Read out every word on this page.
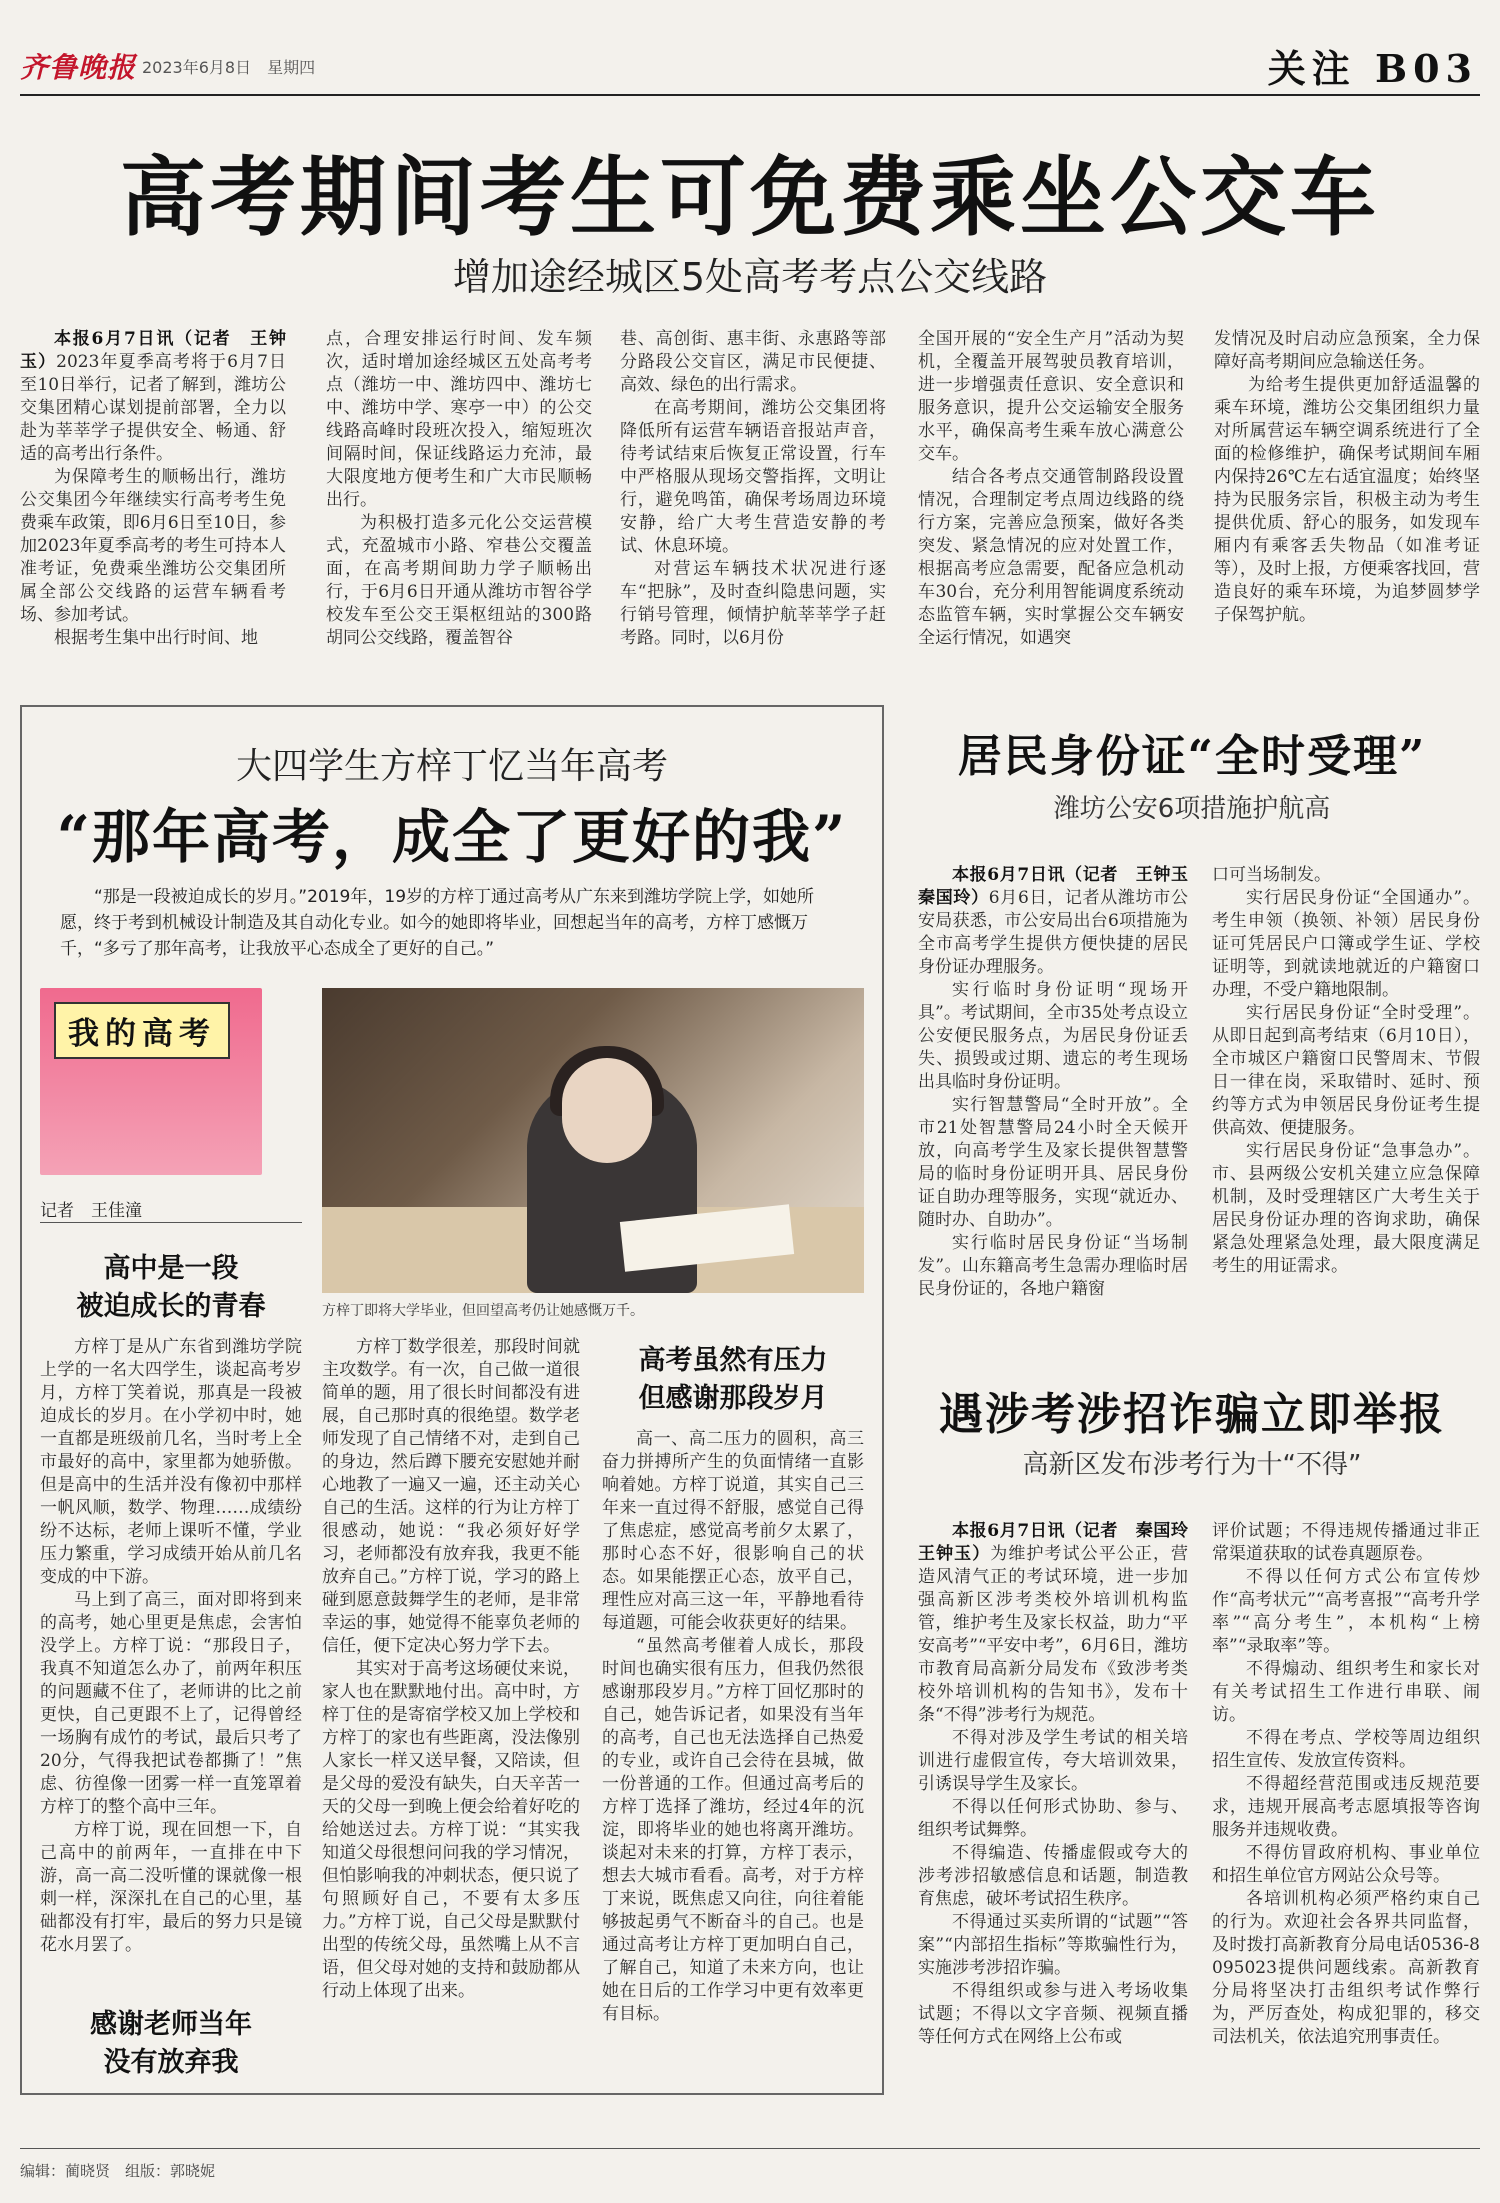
齐鲁晚报 2023年6月8日　星期四	关注 B03
高考期间考生可免费乘坐公交车
增加途经城区5处高考考点公交线路

本报6月7日讯（记者　王钟玉）2023年夏季高考将于6月7日至10日举行，记者了解到，潍坊公交集团精心谋划提前部署，全力以赴为莘莘学子提供安全、畅通、舒适的高考出行条件。

为保障考生的顺畅出行，潍坊公交集团今年继续实行高考考生免费乘车政策，即6月6日至10日，参加2023年夏季高考的考生可持本人准考证，免费乘坐潍坊公交集团所属全部公交线路的运营车辆看考场、参加考试。

根据考生集中出行时间、地

点，合理安排运行时间、发车频次，适时增加途经城区五处高考考点（潍坊一中、潍坊四中、潍坊七中、潍坊中学、寒亭一中）的公交线路高峰时段班次投入，缩短班次间隔时间，保证线路运力充沛，最大限度地方便考生和广大市民顺畅出行。

为积极打造多元化公交运营模式，充盈城市小路、窄巷公交覆盖面，在高考期间助力学子顺畅出行，于6月6日开通从潍坊市智谷学校发车至公交王渠枢纽站的300路胡同公交线路，覆盖智谷

巷、高创街、惠丰街、永惠路等部分路段公交盲区，满足市民便捷、高效、绿色的出行需求。

在高考期间，潍坊公交集团将降低所有运营车辆语音报站声音，待考试结束后恢复正常设置，行车中严格服从现场交警指挥，文明让行，避免鸣笛，确保考场周边环境安静，给广大考生营造安静的考试、休息环境。

对营运车辆技术状况进行逐车“把脉”，及时查纠隐患问题，实行销号管理，倾情护航莘莘学子赶考路。同时，以6月份

全国开展的“安全生产月”活动为契机，全覆盖开展驾驶员教育培训，进一步增强责任意识、安全意识和服务意识，提升公交运输安全服务水平，确保高考生乘车放心满意公交车。

结合各考点交通管制路段设置情况，合理制定考点周边线路的绕行方案，完善应急预案，做好各类突发、紧急情况的应对处置工作，根据高考应急需要，配备应急机动车30台，充分利用智能调度系统动态监管车辆，实时掌握公交车辆安全运行情况，如遇突

发情况及时启动应急预案，全力保障好高考期间应急输送任务。

为给考生提供更加舒适温馨的乘车环境，潍坊公交集团组织力量对所属营运车辆空调系统进行了全面的检修维护，确保考试期间车厢内保持26℃左右适宜温度；始终坚持为民服务宗旨，积极主动为考生提供优质、舒心的服务，如发现车厢内有乘客丢失物品（如准考证等），及时上报，方便乘客找回，营造良好的乘车环境，为追梦圆梦学子保驾护航。

大四学生方梓丁忆当年高考
“那年高考，成全了更好的我”
“那是一段被迫成长的岁月。”2019年，19岁的方梓丁通过高考从广东来到潍坊学院上学，如她所愿，终于考到机械设计制造及其自动化专业。如今的她即将毕业，回想起当年的高考，方梓丁感慨万千，“多亏了那年高考，让我放平心态成全了更好的自己。”
我的高考
记者　王佳潼
方梓丁即将大学毕业，但回望高考仍让她感慨万千。
高中是一段
被迫成长的青春

方梓丁是从广东省到潍坊学院上学的一名大四学生，谈起高考岁月，方梓丁笑着说，那真是一段被迫成长的岁月。在小学初中时，她一直都是班级前几名，当时考上全市最好的高中，家里都为她骄傲。但是高中的生活并没有像初中那样一帆风顺，数学、物理……成绩纷纷不达标，老师上课听不懂，学业压力繁重，学习成绩开始从前几名变成的中下游。

马上到了高三，面对即将到来的高考，她心里更是焦虑，会害怕没学上。方梓丁说：“那段日子，我真不知道怎么办了，前两年积压的问题藏不住了，老师讲的比之前更快，自己更跟不上了，记得曾经一场胸有成竹的考试，最后只考了20分，气得我把试卷都撕了！”焦虑、彷徨像一团雾一样一直笼罩着方梓丁的整个高中三年。

方梓丁说，现在回想一下，自己高中的前两年，一直排在中下游，高一高二没听懂的课就像一根刺一样，深深扎在自己的心里，基础都没有打牢，最后的努力只是镜花水月罢了。

感谢老师当年
没有放弃我

方梓丁数学很差，那段时间就主攻数学。有一次，自己做一道很简单的题，用了很长时间都没有进展，自己那时真的很绝望。数学老师发现了自己情绪不对，走到自己的身边，然后蹲下腰充安慰她并耐心地教了一遍又一遍，还主动关心自己的生活。这样的行为让方梓丁很感动，她说：“我必须好好学习，老师都没有放弃我，我更不能放弃自己。”方梓丁说，学习的路上碰到愿意鼓舞学生的老师，是非常幸运的事，她觉得不能辜负老师的信任，便下定决心努力学下去。

其实对于高考这场硬仗来说，家人也在默默地付出。高中时，方梓丁住的是寄宿学校又加上学校和方梓丁的家也有些距离，没法像别人家长一样又送早餐，又陪读，但是父母的爱没有缺失，白天辛苦一天的父母一到晚上便会给着好吃的给她送过去。方梓丁说：“其实我知道父母很想问问我的学习情况，但怕影响我的冲刺状态，便只说了句照顾好自己，不要有太多压力。”方梓丁说，自己父母是默默付出型的传统父母，虽然嘴上从不言语，但父母对她的支持和鼓励都从行动上体现了出来。

高考虽然有压力
但感谢那段岁月

高一、高二压力的圆积，高三奋力拼搏所产生的负面情绪一直影响着她。方梓丁说道，其实自己三年来一直过得不舒服，感觉自己得了焦虑症，感觉高考前夕太累了，那时心态不好，很影响自己的状态。如果能摆正心态，放平自己，理性应对高三这一年，平静地看待每道题，可能会收获更好的结果。

“虽然高考催着人成长，那段时间也确实很有压力，但我仍然很感谢那段岁月。”方梓丁回忆那时的自己，她告诉记者，如果没有当年的高考，自己也无法选择自己热爱的专业，或许自己会待在县城，做一份普通的工作。但通过高考后的方梓丁选择了潍坊，经过4年的沉淀，即将毕业的她也将离开潍坊。谈起对未来的打算，方梓丁表示，想去大城市看看。高考，对于方梓丁来说，既焦虑又向往，向往着能够披起勇气不断奋斗的自己。也是通过高考让方梓丁更加明白自己，了解自己，知道了未来方向，也让她在日后的工作学习中更有效率更有目标。

居民身份证“全时受理”
潍坊公安6项措施护航高

本报6月7日讯（记者　王钟玉　秦国玲）6月6日，记者从潍坊市公安局获悉，市公安局出台6项措施为全市高考学生提供方便快捷的居民身份证办理服务。

实行临时身份证明“现场开具”。考试期间，全市35处考点设立公安便民服务点，为居民身份证丢失、损毁或过期、遗忘的考生现场出具临时身份证明。

实行智慧警局“全时开放”。全市21处智慧警局24小时全天候开放，向高考学生及家长提供智慧警局的临时身份证明开具、居民身份证自助办理等服务，实现“就近办、随时办、自助办”。

实行临时居民身份证“当场制发”。山东籍高考生急需办理临时居民身份证的，各地户籍窗

口可当场制发。

实行居民身份证“全国通办”。考生申领（换领、补领）居民身份证可凭居民户口簿或学生证、学校证明等，到就读地就近的户籍窗口办理，不受户籍地限制。

实行居民身份证“全时受理”。从即日起到高考结束（6月10日），全市城区户籍窗口民警周末、节假日一律在岗，采取错时、延时、预约等方式为申领居民身份证考生提供高效、便捷服务。

实行居民身份证“急事急办”。市、县两级公安机关建立应急保障机制，及时受理辖区广大考生关于居民身份证办理的咨询求助，确保紧急处理紧急处理，最大限度满足考生的用证需求。

遇涉考涉招诈骗立即举报
高新区发布涉考行为十“不得”

本报6月7日讯（记者　秦国玲　王钟玉）为维护考试公平公正，营造风清气正的考试环境，进一步加强高新区涉考类校外培训机构监管，维护考生及家长权益，助力“平安高考”“平安中考”，6月6日，潍坊市教育局高新分局发布《致涉考类校外培训机构的告知书》，发布十条“不得”涉考行为规范。

不得对涉及学生考试的相关培训进行虚假宣传，夸大培训效果，引诱误导学生及家长。

不得以任何形式协助、参与、组织考试舞弊。

不得编造、传播虚假或夸大的涉考涉招敏感信息和话题，制造教育焦虑，破坏考试招生秩序。

不得通过买卖所谓的“试题”“答案”“内部招生指标”等欺骗性行为，实施涉考涉招诈骗。

不得组织或参与进入考场收集试题；不得以文字音频、视频直播等任何方式在网络上公布或

评价试题；不得违规传播通过非正常渠道获取的试卷真题原卷。

不得以任何方式公布宣传炒作“高考状元”“高考喜报”“高考升学率”“高分考生”，本机构“上榜率”“录取率”等。

不得煽动、组织考生和家长对有关考试招生工作进行串联、闹访。

不得在考点、学校等周边组织招生宣传、发放宣传资料。

不得超经营范围或违反规范要求，违规开展高考志愿填报等咨询服务并违规收费。

不得仿冒政府机构、事业单位和招生单位官方网站公众号等。

各培训机构必须严格约束自己的行为。欢迎社会各界共同监督，及时拨打高新教育分局电话0536-8095023提供问题线索。高新教育分局将坚决打击组织考试作弊行为，严厉查处，构成犯罪的，移交司法机关，依法追究刑事责任。

编辑：蔺晓贤　组版：郭晓妮
